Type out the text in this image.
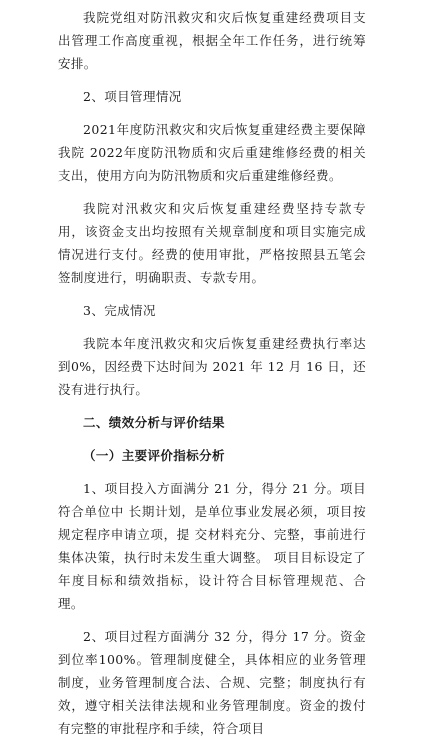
我院党组对防汛救灾和灾后恢复重建经费项目支出管理工作高度重视，根据全年工作任务，进行统筹安排。

2、项目管理情况

2021年度防汛救灾和灾后恢复重建经费主要保障我院 2022年度防汛物质和灾后重建维修经费的相关支出，使用方向为防汛物质和灾后重建维修经费。

我院对汛救灾和灾后恢复重建经费坚持专款专用，该资金支出均按照有关规章制度和项目实施完成情况进行支付。经费的使用审批，严格按照县五笔会签制度进行，明确职责、专款专用。

3、完成情况

我院本年度汛救灾和灾后恢复重建经费执行率达到0%，因经费下达时间为 2021 年 12 月 16 日，还没有进行执行。

二、绩效分析与评价结果

（一）主要评价指标分析

1、项目投入方面满分 21 分，得分 21 分。项目符合单位中 长期计划，是单位事业发展必须，项目按规定程序申请立项，提 交材料充分、完整，事前进行集体决策，执行时未发生重大调整。 项目目标设定了年度目标和绩效指标，设计符合目标管理规范、合理。

2、项目过程方面满分 32 分，得分 17 分。资金到位率100%。管理制度健全，具体相应的业务管理制度，业务管理制度合法、合规、完整；制度执行有效，遵守相关法律法规和业务管理制度。资金的拨付有完整的审批程序和手续，符合项目
